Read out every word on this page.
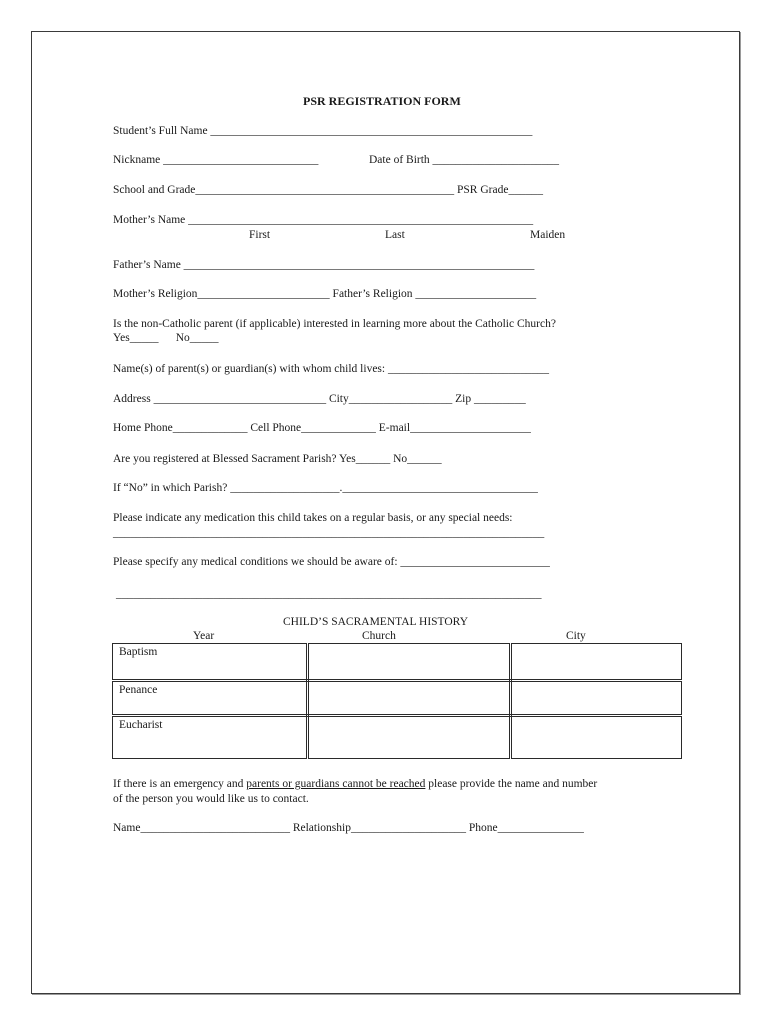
PSR REGISTRATION FORM
Student’s Full Name ________________________________________________________
Nickname ___________________________	Date of Birth ______________________
School and Grade_____________________________________________ PSR Grade______
Mother’s Name ____________________________________________________________
First	Last	Maiden
Father’s Name _____________________________________________________________
Mother’s Religion_______________________ Father’s Religion _____________________
Is the non-Catholic parent (if applicable) interested in learning more about the Catholic Church?
Yes_____      No_____
Name(s) of parent(s) or guardian(s) with whom child lives: ____________________________
Address ______________________________ City__________________ Zip _________
Home Phone_____________ Cell Phone_____________ E-mail_____________________
Are you registered at Blessed Sacrament Parish? Yes______ No______
If “No” in which Parish? ___________________.__________________________________
Please indicate any medication this child takes on a regular basis, or any special needs:
___________________________________________________________________________
Please specify any medical conditions we should be aware of: __________________________
__________________________________________________________________________
CHILD’S SACRAMENTAL HISTORY
Year	Church	City
Baptism		
Penance		
Eucharist		
If there is an emergency and parents or guardians cannot be reached please provide the name and number
of the person you would like us to contact.
Name__________________________ Relationship____________________ Phone_______________
